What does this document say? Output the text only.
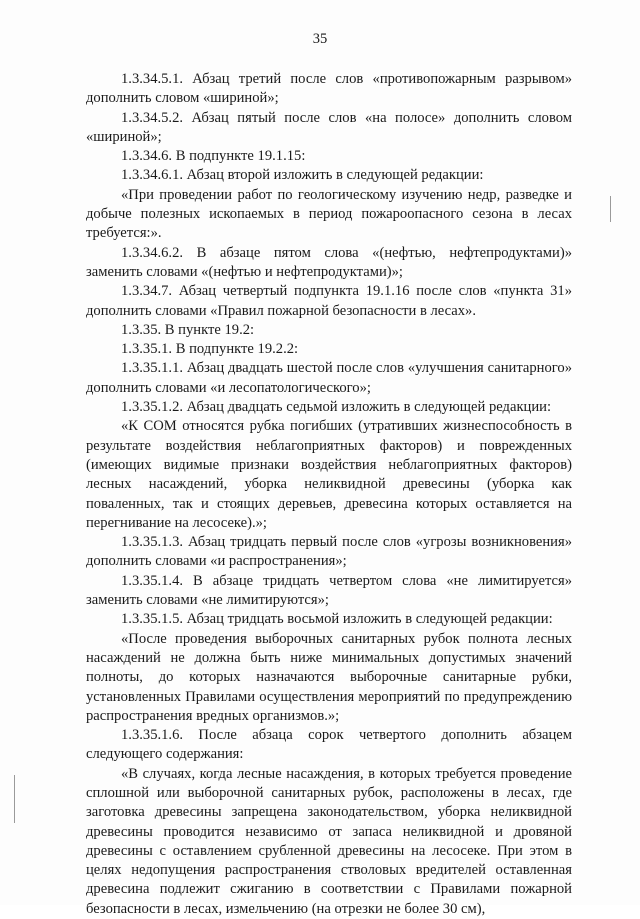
35

1.3.34.5.1. Абзац третий после слов «противопожарным разрывом» дополнить словом «шириной»;

1.3.34.5.2. Абзац пятый после слов «на полосе» дополнить словом «шириной»;

1.3.34.6. В подпункте 19.1.15:

1.3.34.6.1. Абзац второй изложить в следующей редакции:

«При проведении работ по геологическому изучению недр, разведке и добыче полезных ископаемых в период пожароопасного сезона в лесах требуется:».

1.3.34.6.2. В абзаце пятом слова «(нефтью, нефтепродуктами)» заменить словами «(нефтью и нефтепродуктами)»;

1.3.34.7. Абзац четвертый подпункта 19.1.16 после слов «пункта 31» дополнить словами «Правил пожарной безопасности в лесах».

1.3.35. В пункте 19.2:

1.3.35.1. В подпункте 19.2.2:

1.3.35.1.1. Абзац двадцать шестой после слов «улучшения санитарного» дополнить словами «и лесопатологического»;

1.3.35.1.2. Абзац двадцать седьмой изложить в следующей редакции:

«К СОМ относятся рубка погибших (утративших жизнеспособность в результате воздействия неблагоприятных факторов) и поврежденных (имеющих видимые признаки воздействия неблагоприятных факторов) лесных насаждений, уборка неликвидной древесины (уборка как поваленных, так и стоящих деревьев, древесина которых оставляется на перегнивание на лесосеке).»;

1.3.35.1.3. Абзац тридцать первый после слов «угрозы возникновения» дополнить словами «и распространения»;

1.3.35.1.4. В абзаце тридцать четвертом слова «не лимитируется» заменить словами «не лимитируются»;

1.3.35.1.5. Абзац тридцать восьмой изложить в следующей редакции:

«После проведения выборочных санитарных рубок полнота лесных насаждений не должна быть ниже минимальных допустимых значений полноты, до которых назначаются выборочные санитарные рубки, установленных Правилами осуществления мероприятий по предупреждению распространения вредных организмов.»;

1.3.35.1.6. После абзаца сорок четвертого дополнить абзацем следующего содержания:

«В случаях, когда лесные насаждения, в которых требуется проведение сплошной или выборочной санитарных рубок, расположены в лесах, где заготовка древесины запрещена законодательством, уборка неликвидной древесины проводится независимо от запаса неликвидной и дровяной древесины с оставлением срубленной древесины на лесосеке. При этом в целях недопущения распространения стволовых вредителей оставленная древесина подлежит сжиганию в соответствии с Правилами пожарной безопасности в лесах, измельчению (на отрезки не более 30 см),
